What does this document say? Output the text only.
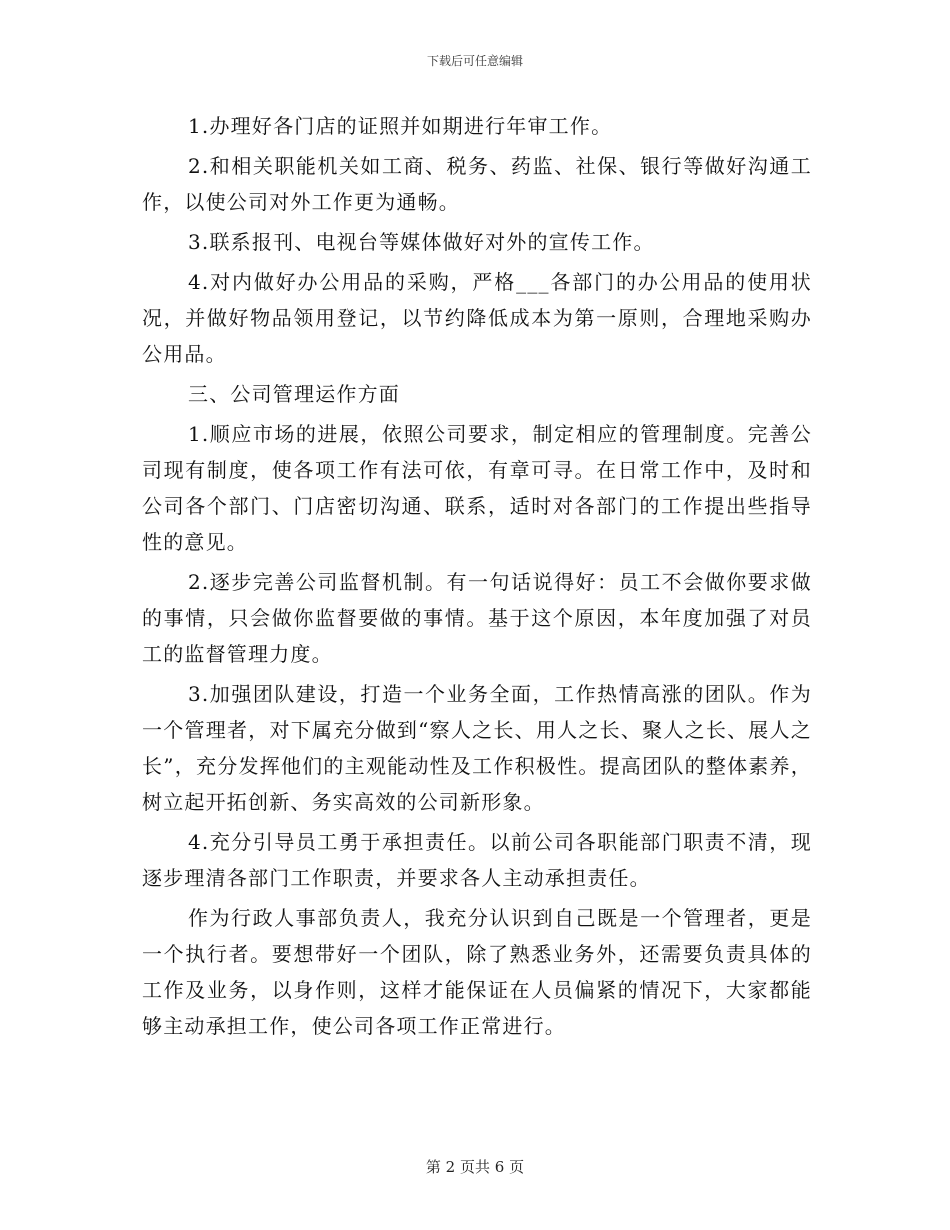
下载后可任意编辑

1.办理好各门店的证照并如期进行年审工作。

2.和相关职能机关如工商、税务、药监、社保、银行等做好沟通工作，以使公司对外工作更为通畅。

3.联系报刊、电视台等媒体做好对外的宣传工作。

4.对内做好办公用品的采购，严格___各部门的办公用品的使用状况，并做好物品领用登记，以节约降低成本为第一原则，合理地采购办公用品。

三、公司管理运作方面

1.顺应市场的进展，依照公司要求，制定相应的管理制度。完善公司现有制度，使各项工作有法可依，有章可寻。在日常工作中，及时和公司各个部门、门店密切沟通、联系，适时对各部门的工作提出些指导性的意见。

2.逐步完善公司监督机制。有一句话说得好：员工不会做你要求做的事情，只会做你监督要做的事情。基于这个原因，本年度加强了对员工的监督管理力度。

3.加强团队建设，打造一个业务全面，工作热情高涨的团队。作为一个管理者，对下属充分做到“察人之长、用人之长、聚人之长、展人之长”，充分发挥他们的主观能动性及工作积极性。提高团队的整体素养，树立起开拓创新、务实高效的公司新形象。

4.充分引导员工勇于承担责任。以前公司各职能部门职责不清，现逐步理清各部门工作职责，并要求各人主动承担责任。

作为行政人事部负责人，我充分认识到自己既是一个管理者，更是一个执行者。要想带好一个团队，除了熟悉业务外，还需要负责具体的工作及业务，以身作则，这样才能保证在人员偏紧的情况下，大家都能够主动承担工作，使公司各项工作正常进行。

第 2 页共 6 页
